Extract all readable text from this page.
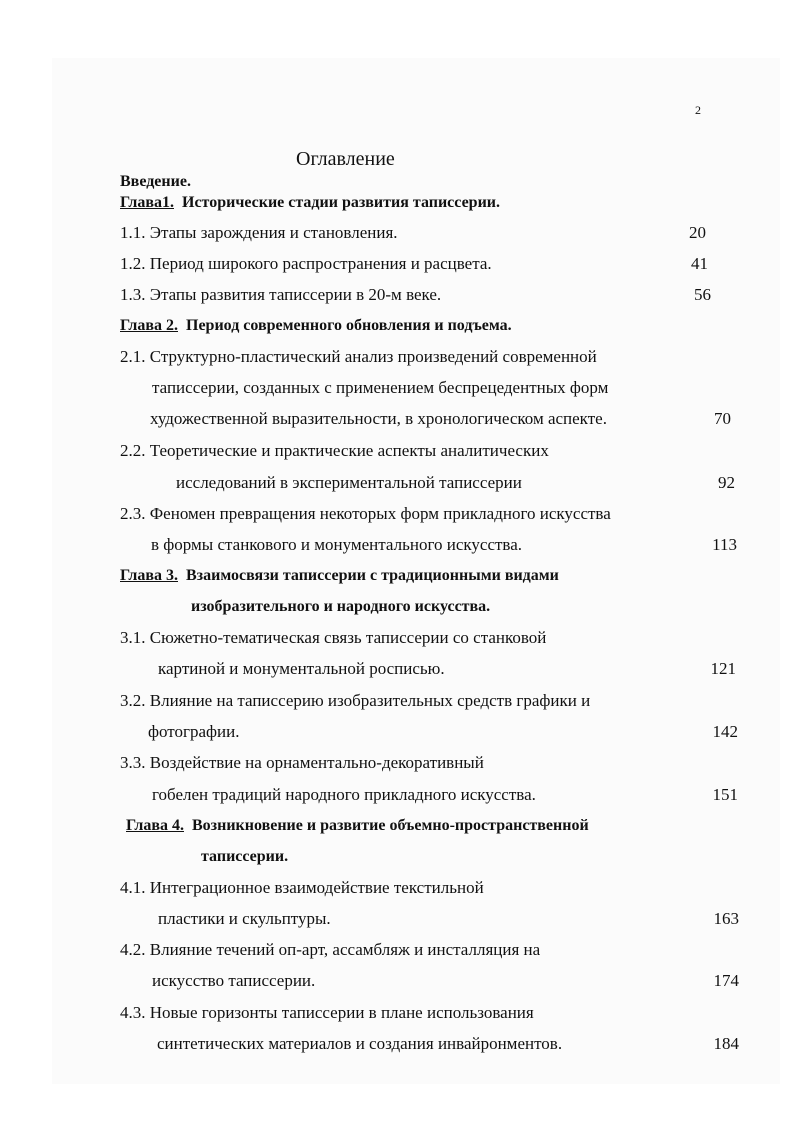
2
Оглавление
Введение.
Глава1. Исторические стадии развития таписсерии.
1.1. Этапы зарождения и становления.	20
1.2. Период широкого распространения и расцвета.	41
1.3. Этапы развития таписсерии в 20-м веке.	56
Глава 2. Период современного обновления и подъема.
2.1. Структурно-пластический анализ произведений современной
таписсерии, созданных с применением беспрецедентных форм
художественной выразительности, в хронологическом аспекте.	70
2.2. Теоретические и практические аспекты аналитических
исследований в экспериментальной таписсерии	92
2.3. Феномен превращения некоторых форм прикладного искусства
в формы станкового и монументального искусства.	113
Глава 3. Взаимосвязи таписсерии с традиционными видами
изобразительного и народного искусства.
3.1. Сюжетно-тематическая связь таписсерии со станковой
картиной и монументальной росписью.	121
3.2. Влияние на таписсерию изобразительных средств графики и
фотографии.	142
3.3. Воздействие на орнаментально-декоративный
гобелен традиций народного прикладного искусства.	151
Глава 4. Возникновение и развитие объемно-пространственной
таписсерии.
4.1. Интеграционное взаимодействие текстильной
пластики и скульптуры.	163
4.2. Влияние течений оп-арт, ассамбляж и инсталляция на
искусство таписсерии.	174
4.3. Новые горизонты таписсерии в плане использования
синтетических материалов и создания инвайронментов.	184
